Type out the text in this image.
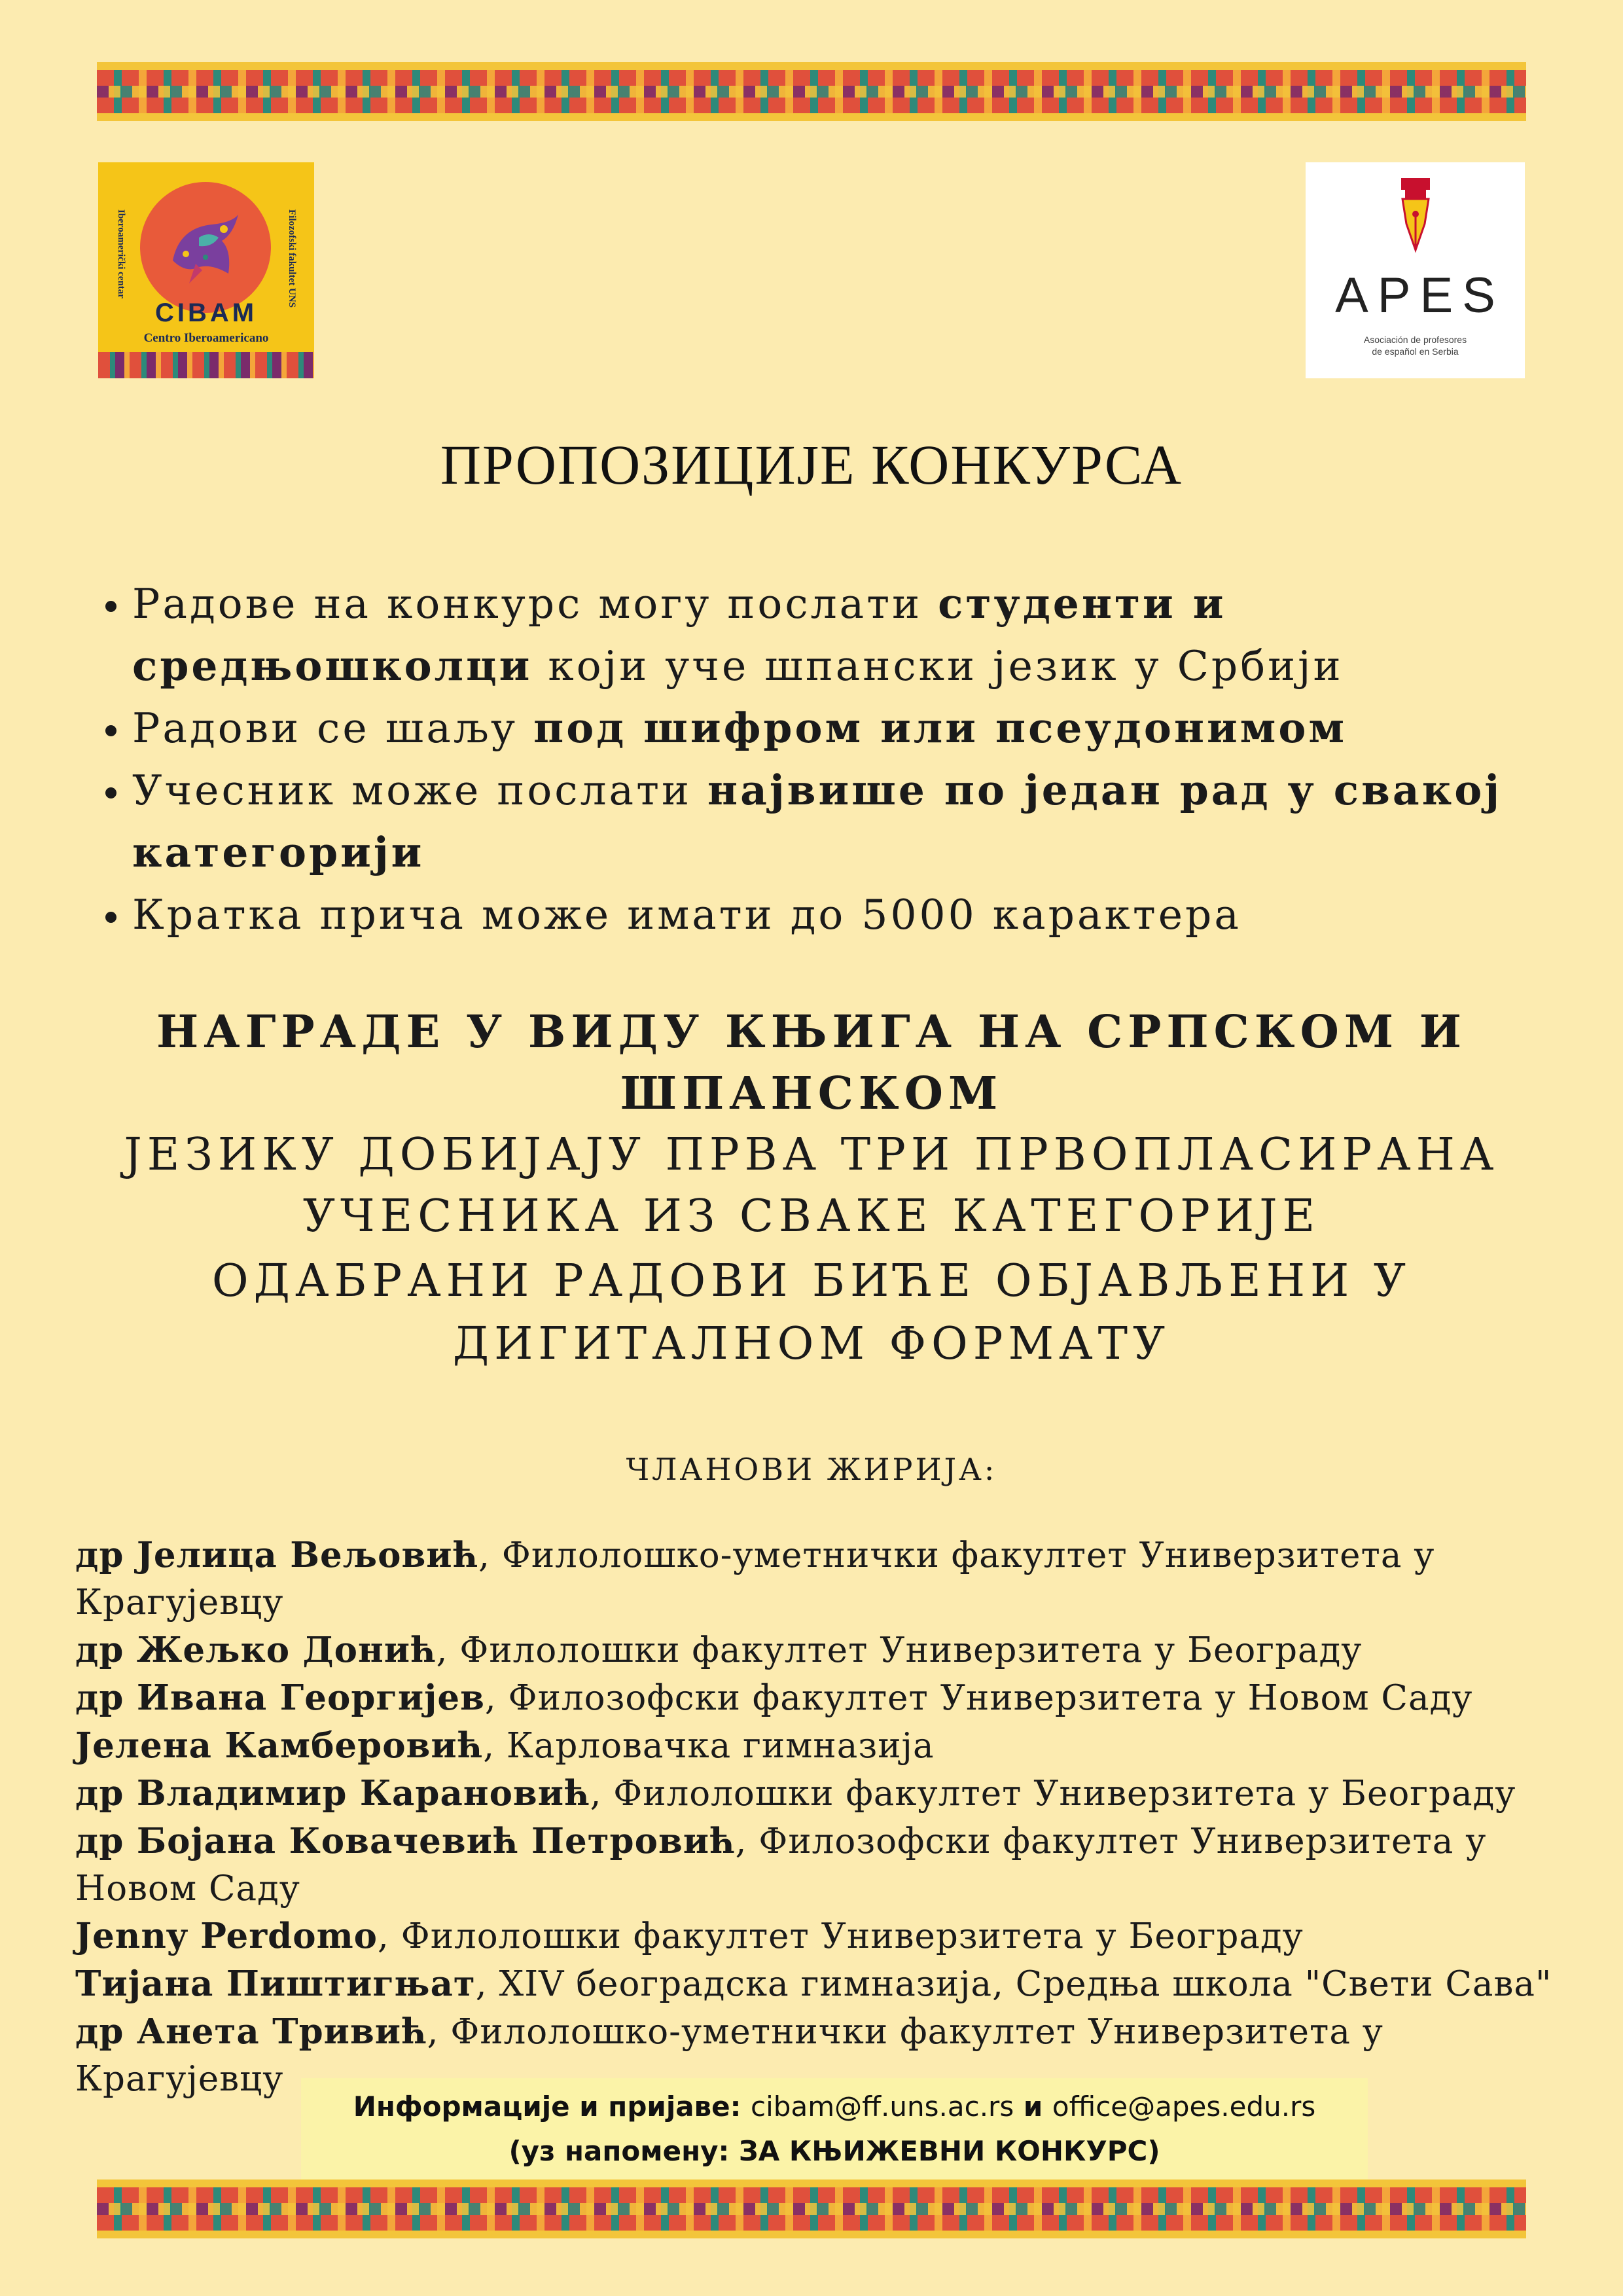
Iberoamerički centar	Filozofski fakultet UNS
CIBAM
Centro Iberoamericano
APES
Asociación de profesores
de español en Serbia
ПРОПОЗИЦИЈЕ КОНКУРСА
• Радове на конкурс могу послати студенти и средњошколци који уче шпански језик у Србији
• Радови се шаљу под шифром или псеудонимом
• Учесник може послати највише по један рад у свакој категорији
• Кратка прича може имати до 5000 карактера
НАГРАДЕ У ВИДУ КЊИГА НА СРПСКОМ И ШПАНСКОМ
ЈЕЗИКУ ДОБИЈАЈУ ПРВА ТРИ ПРВОПЛАСИРАНА
УЧЕСНИКА ИЗ СВАКЕ КАТЕГОРИЈЕ
ОДАБРАНИ РАДОВИ БИЋЕ ОБЈАВЉЕНИ У
ДИГИТАЛНОМ ФОРМАТУ
ЧЛАНОВИ ЖИРИЈА:
др Јелица Вељовић, Филолошко-уметнички факултет Универзитета у Крагујевцу
др Жељко Донић, Филолошки факултет Универзитета у Београду
др Ивана Георгијев, Филозофски факултет Универзитета у Новом Саду
Јелена Камберовић, Карловачка гимназија
др Владимир Карановић, Филолошки факултет Универзитета у Београду
др Бојана Ковачевић Петровић, Филозофски факултет Универзитета у Новом Саду
Jenny Perdomo, Филолошки факултет Универзитета у Београду
Тијана Пиштигњат, XIV београдска гимназија, Средња школа "Свети Сава"
др Анета Тривић, Филолошко-уметнички факултет Универзитета у Крагујевцу
Информације и пријаве: cibam@ff.uns.ac.rs и office@apes.edu.rs
(уз напомену: ЗА КЊИЖЕВНИ КОНКУРС)
